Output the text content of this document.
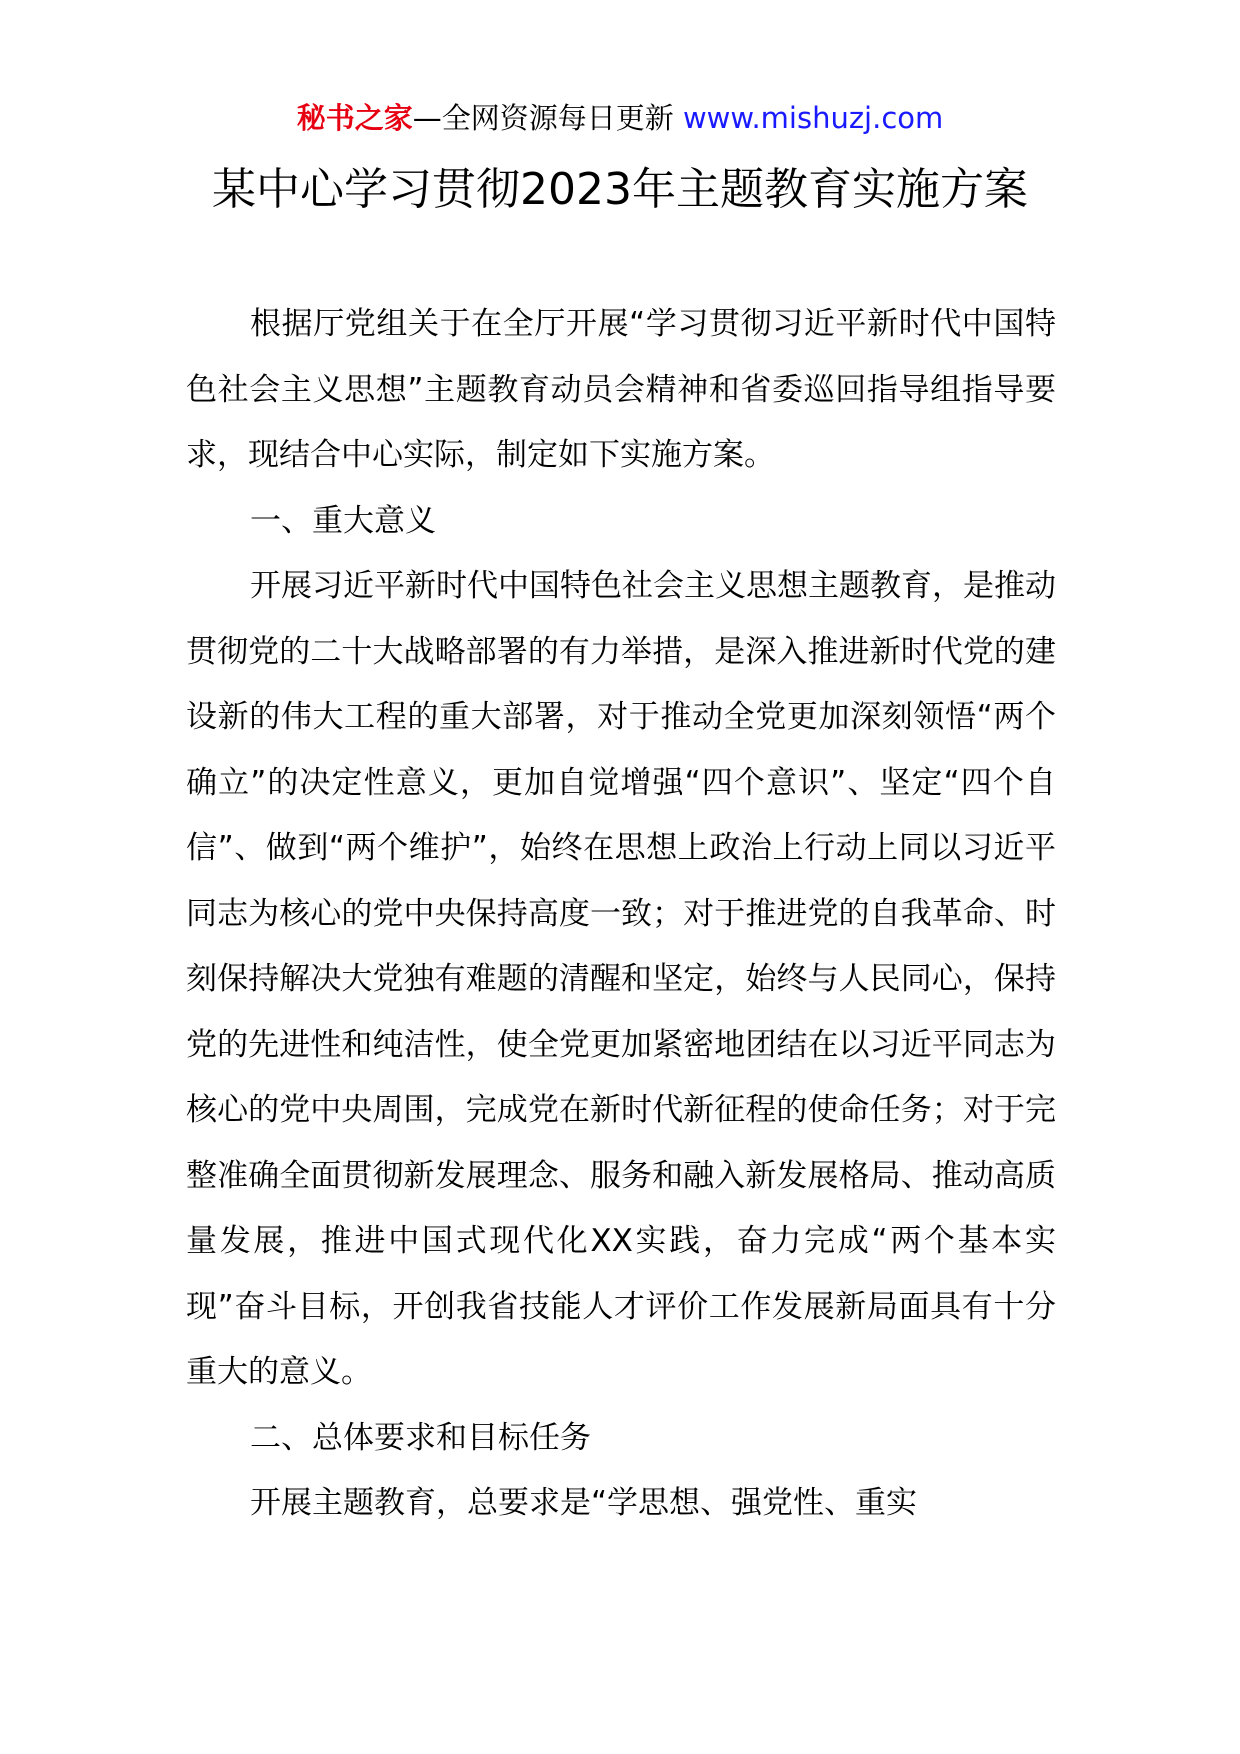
秘书之家—全网资源每日更新 www.mishuzj.com
某中心学习贯彻2023年主题教育实施方案

根据厅党组关于在全厅开展“学习贯彻习近平新时代中国特色社会主义思想”主题教育动员会精神和省委巡回指导组指导要求，现结合中心实际，制定如下实施方案。

一、重大意义

开展习近平新时代中国特色社会主义思想主题教育，是推动贯彻党的二十大战略部署的有力举措，是深入推进新时代党的建设新的伟大工程的重大部署，对于推动全党更加深刻领悟“两个确立”的决定性意义，更加自觉增强“四个意识”、坚定“四个自信”、做到“两个维护”，始终在思想上政治上行动上同以习近平同志为核心的党中央保持高度一致；对于推进党的自我革命、时刻保持解决大党独有难题的清醒和坚定，始终与人民同心，保持党的先进性和纯洁性，使全党更加紧密地团结在以习近平同志为核心的党中央周围，完成党在新时代新征程的使命任务；对于完整准确全面贯彻新发展理念、服务和融入新发展格局、推动高质量发展，推进中国式现代化XX实践，奋力完成“两个基本实现”奋斗目标，开创我省技能人才评价工作发展新局面具有十分重大的意义。

二、总体要求和目标任务

开展主题教育，总要求是“学思想、强党性、重实
